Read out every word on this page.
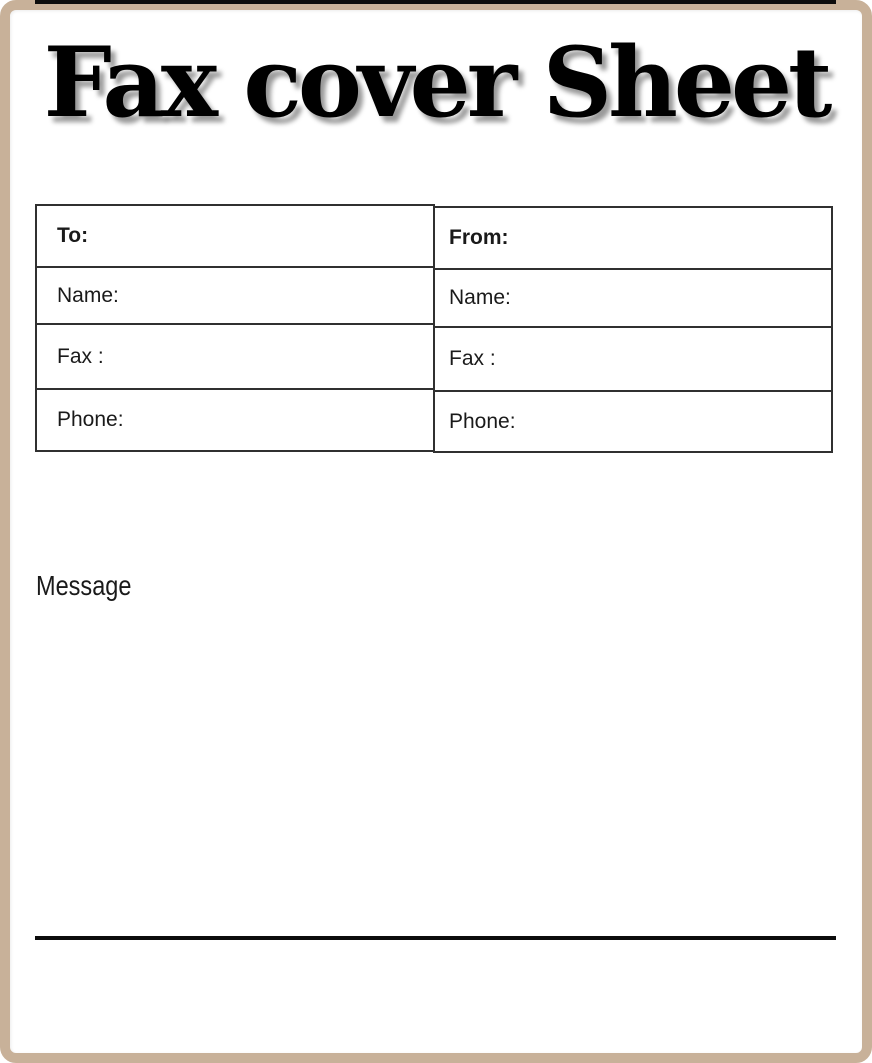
Fax cover Sheet
To:
Name:
Fax :
Phone:
From:
Name:
Fax :
Phone:
Message
